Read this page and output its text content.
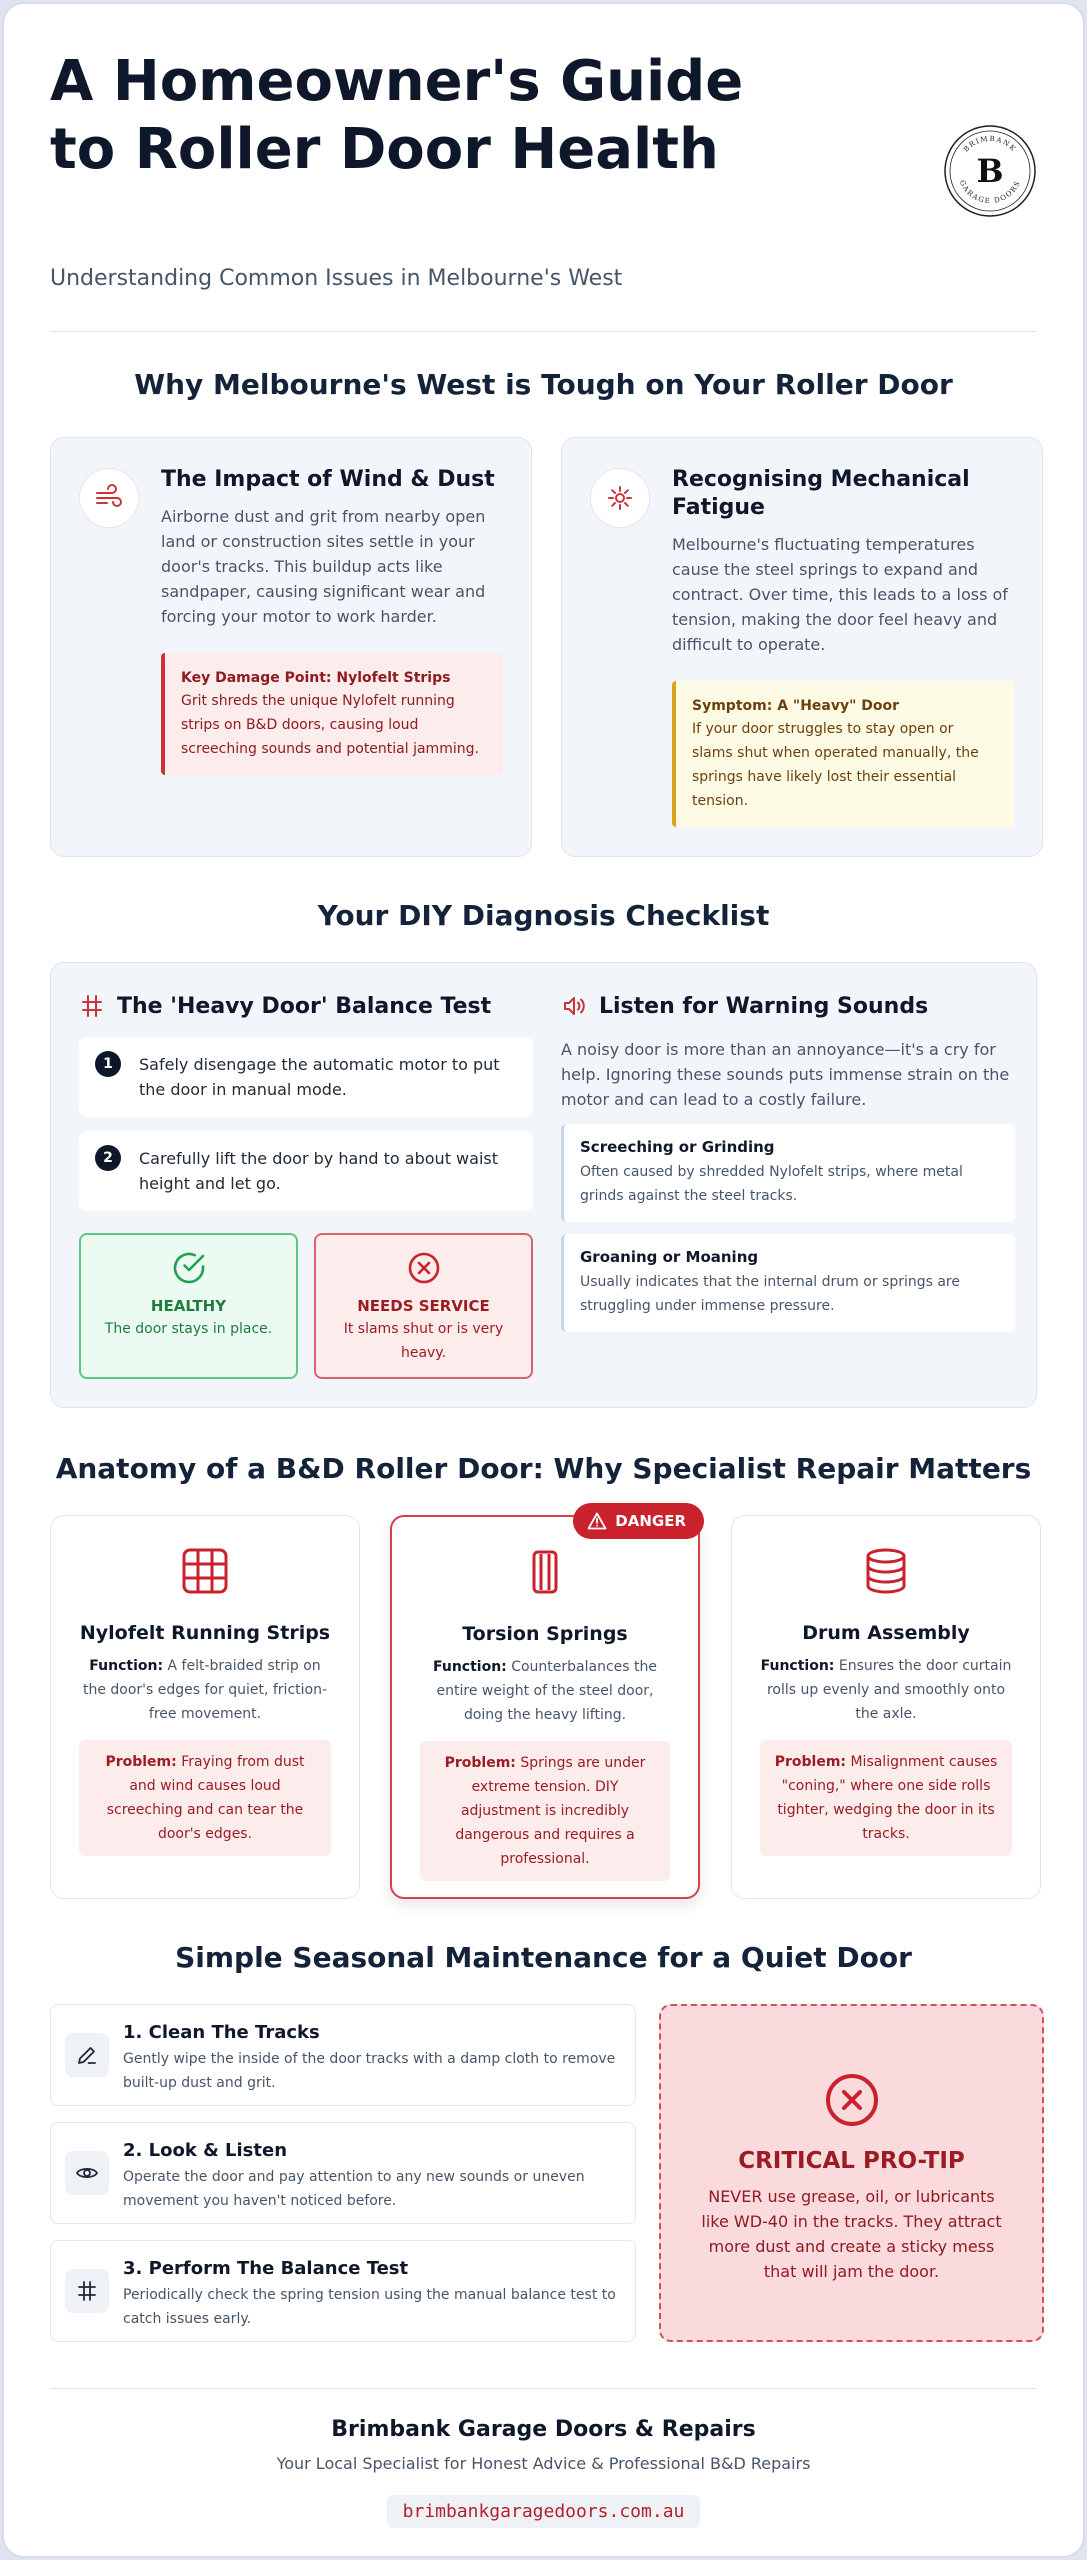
A Homeowner's Guide to Roller Door Health
Understanding Common Issues in Melbourne's West
BRIMBANK
GARAGE DOORS
B
Why Melbourne's West is Tough on Your Roller Door
The Impact of Wind & Dust

Airborne dust and grit from nearby open land or construction sites settle in your door's tracks. This buildup acts like sandpaper, causing significant wear and forcing your motor to work harder.

Key Damage Point: Nylofelt Strips
Grit shreds the unique Nylofelt running strips on B&D doors, causing loud screeching sounds and potential jamming.
Recognising Mechanical Fatigue

Melbourne's fluctuating temperatures cause the steel springs to expand and contract. Over time, this leads to a loss of tension, making the door feel heavy and difficult to operate.

Symptom: A "Heavy" Door
If your door struggles to stay open or slams shut when operated manually, the springs have likely lost their essential tension.
Your DIY Diagnosis Checklist
The 'Heavy Door' Balance Test
1	Safely disengage the automatic motor to put the door in manual mode.
2	Carefully lift the door by hand to about waist height and let go.
HEALTHY
The door stays in place.
NEEDS SERVICE
It slams shut or is very heavy.
Listen for Warning Sounds

A noisy door is more than an annoyance—it's a cry for help. Ignoring these sounds puts immense strain on the motor and can lead to a costly failure.

Screeching or Grinding
Often caused by shredded Nylofelt strips, where metal grinds against the steel tracks.
Groaning or Moaning
Usually indicates that the internal drum or springs are struggling under immense pressure.
Anatomy of a B&D Roller Door: Why Specialist Repair Matters
Nylofelt Running Strips
Function: A felt-braided strip on the door's edges for quiet, friction-free movement.
Problem: Fraying from dust and wind causes loud screeching and can tear the door's edges.
DANGER
Torsion Springs
Function: Counterbalances the entire weight of the steel door, doing the heavy lifting.
Problem: Springs are under extreme tension. DIY adjustment is incredibly dangerous and requires a professional.
Drum Assembly
Function: Ensures the door curtain rolls up evenly and smoothly onto the axle.
Problem: Misalignment causes "coning," where one side rolls tighter, wedging the door in its tracks.
Simple Seasonal Maintenance for a Quiet Door
1. Clean The Tracks
Gently wipe the inside of the door tracks with a damp cloth to remove built-up dust and grit.
2. Look & Listen
Operate the door and pay attention to any new sounds or uneven movement you haven't noticed before.
3. Perform The Balance Test
Periodically check the spring tension using the manual balance test to catch issues early.
CRITICAL PRO-TIP
NEVER use grease, oil, or lubricants like WD-40 in the tracks. They attract more dust and create a sticky mess that will jam the door.
Brimbank Garage Doors & Repairs
Your Local Specialist for Honest Advice & Professional B&D Repairs
brimbankgaragedoors.com.au
